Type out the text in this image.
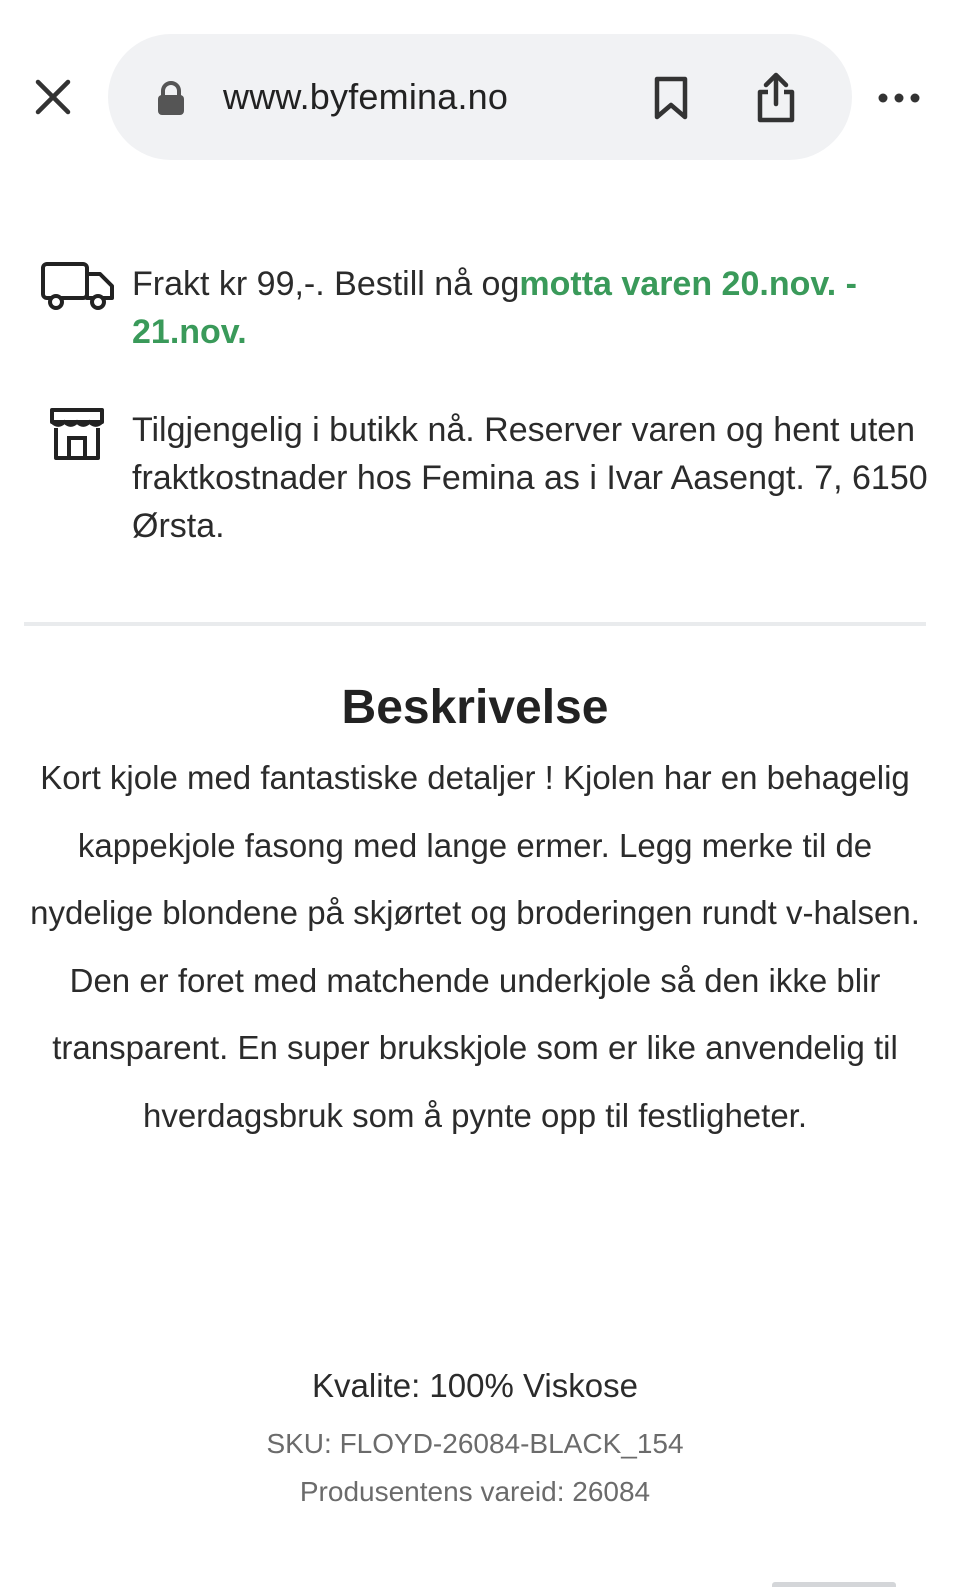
www.byfemina.no
Frakt kr 99,-. Bestill nå ogmotta varen 20.nov. - 21.nov.
Tilgjengelig i butikk nå. Reserver varen og hent uten fraktkostnader hos Femina as i Ivar Aasengt. 7, 6150 Ørsta.
Beskrivelse

Kort kjole med fantastiske detaljer ! Kjolen har en behagelig kappekjole fasong med lange ermer. Legg merke til de nydelige blondene på skjørtet og broderingen rundt v-halsen.

Den er foret med matchende underkjole så den ikke blir transparent. En super brukskjole som er like anvendelig til hverdagsbruk som å pynte opp til festligheter.

Kvalite: 100% Viskose
SKU: FLOYD-26084-BLACK_154
Produsentens vareid: 26084
